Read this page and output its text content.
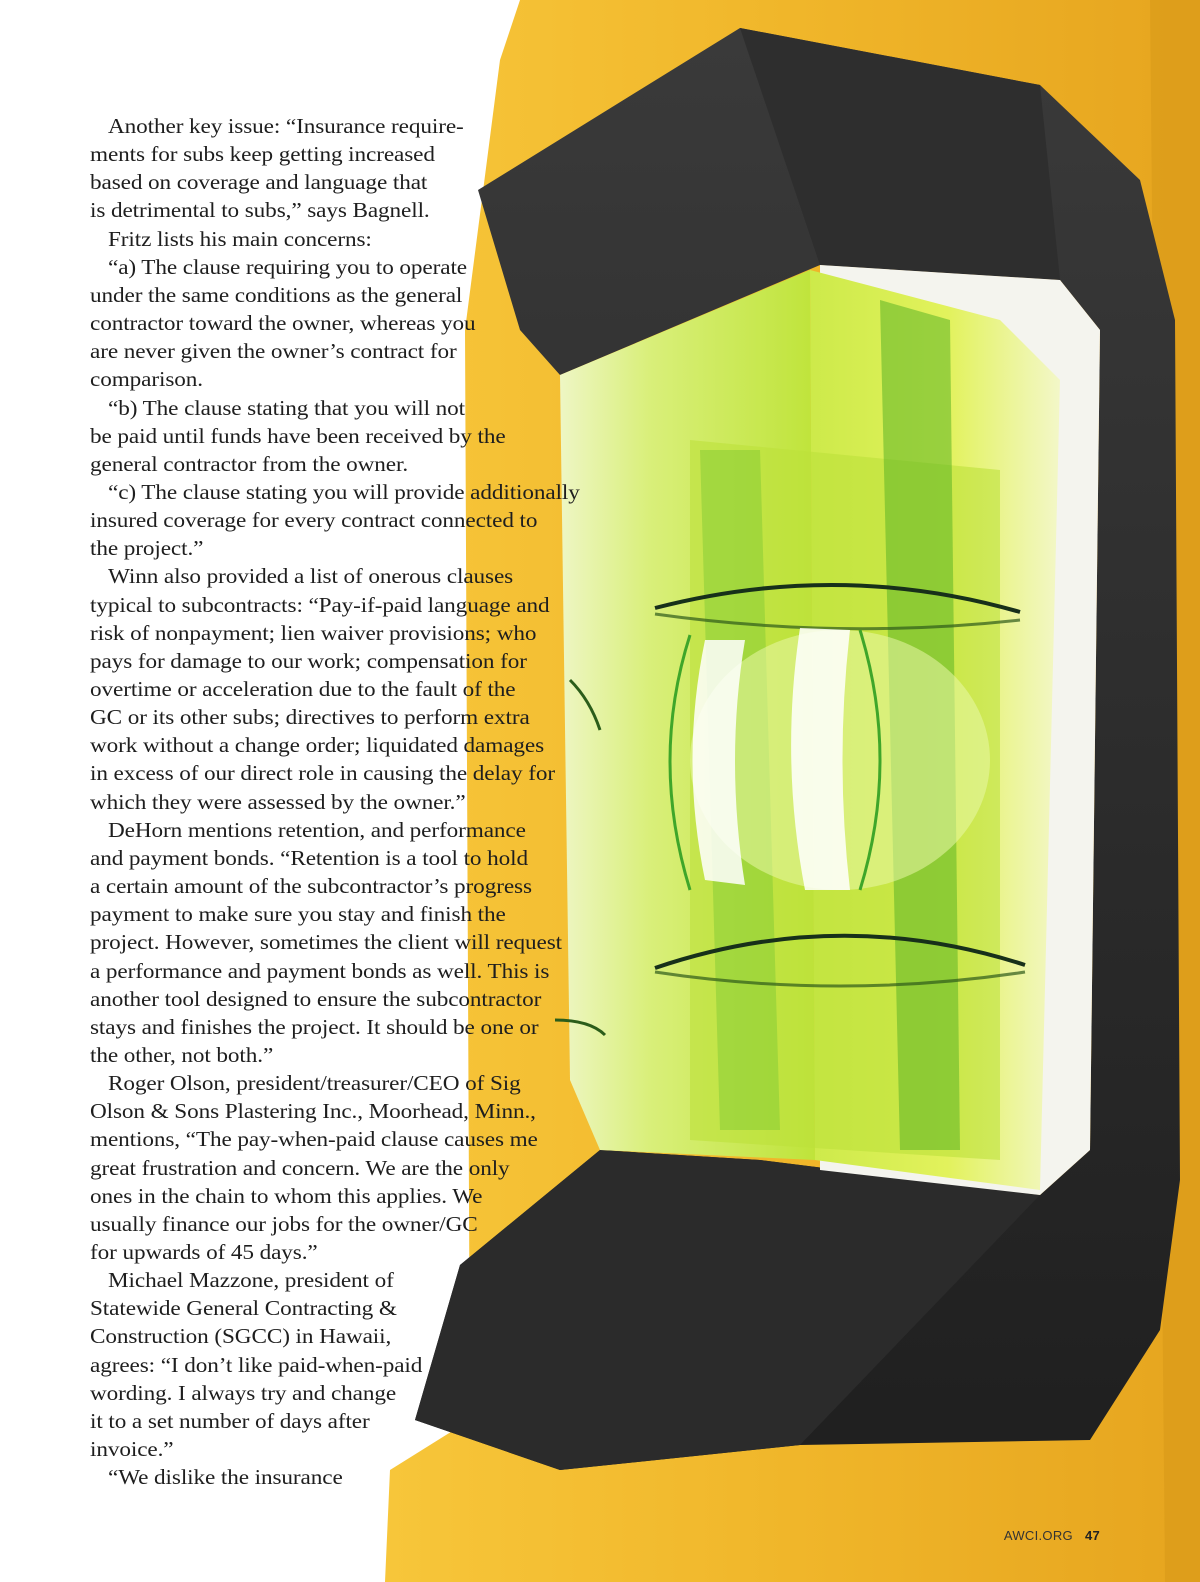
Another key issue: “Insurance require-
ments for subs keep getting increased
based on coverage and language that
is detrimental to subs,” says Bagnell.
Fritz lists his main concerns:
“a) The clause requiring you to operate
under the same conditions as the general
contractor toward the owner, whereas you
are never given the owner’s contract for
comparison.
“b) The clause stating that you will not
be paid until funds have been received by the
general contractor from the owner.
“c) The clause stating you will provide additionally
insured coverage for every contract connected to
the project.”
Winn also provided a list of onerous clauses
typical to subcontracts: “Pay-if-paid language and
risk of nonpayment; lien waiver provisions; who
pays for damage to our work; compensation for
overtime or acceleration due to the fault of the
GC or its other subs; directives to perform extra
work without a change order; liquidated damages
in excess of our direct role in causing the delay for
which they were assessed by the owner.”
DeHorn mentions retention, and performance
and payment bonds. “Retention is a tool to hold
a certain amount of the subcontractor’s progress
payment to make sure you stay and finish the
project. However, sometimes the client will request
a performance and payment bonds as well. This is
another tool designed to ensure the subcontractor
stays and finishes the project. It should be one or
the other, not both.”
Roger Olson, president/treasurer/CEO of Sig
Olson & Sons Plastering Inc., Moorhead, Minn.,
mentions, “The pay-when-paid clause causes me
great frustration and concern. We are the only
ones in the chain to whom this applies. We
usually finance our jobs for the owner/GC
for upwards of 45 days.”
Michael Mazzone, president of
Statewide General Contracting &
Construction (SGCC) in Hawaii,
agrees: “I don’t like paid-when-paid
wording. I always try and change
it to a set number of days after
invoice.”
“We dislike the insurance
AWCI.ORG 47
